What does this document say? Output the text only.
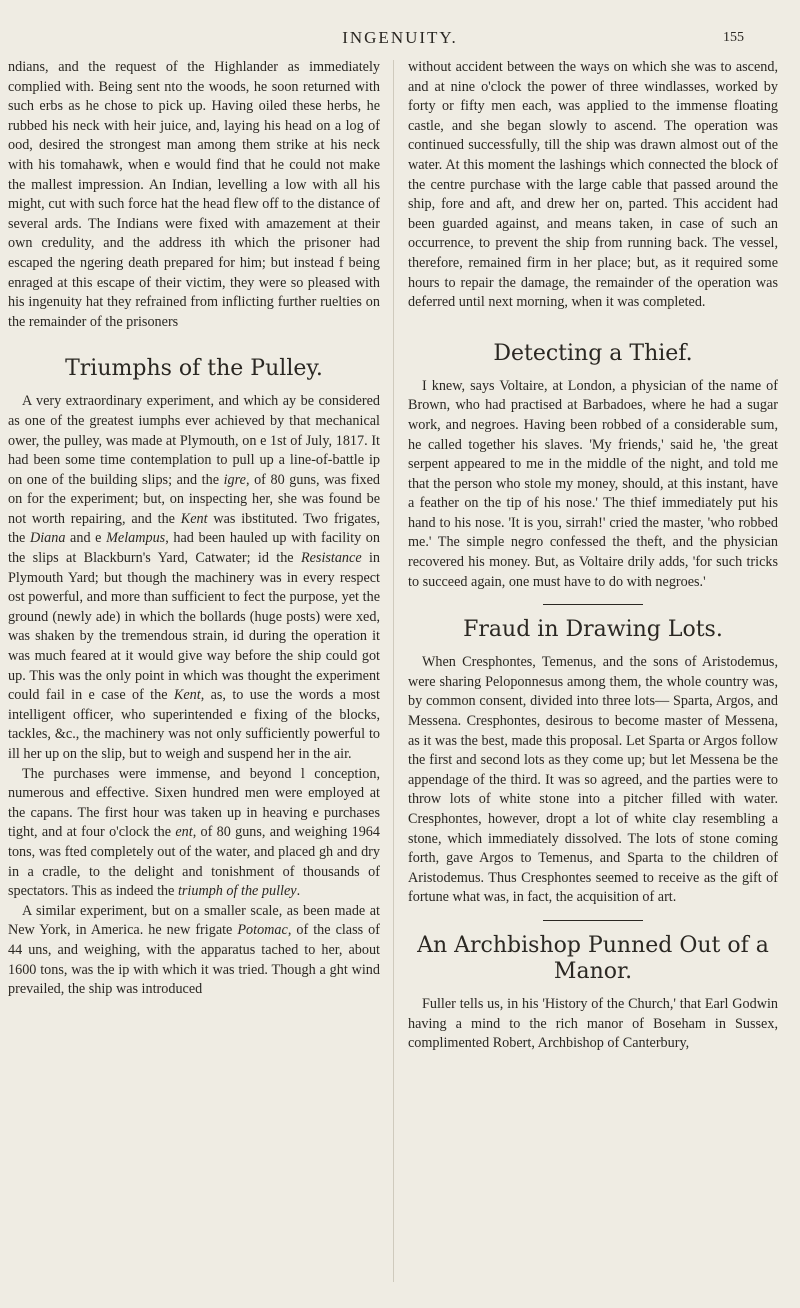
INGENUITY.	155

ndians, and the request of the Highlander as immediately complied with. Being sent nto the woods, he soon returned with such erbs as he chose to pick up. Having oiled these herbs, he rubbed his neck with heir juice, and, laying his head on a log of ood, desired the strongest man among them strike at his neck with his tomahawk, when e would find that he could not make the mallest impression. An Indian, levelling a low with all his might, cut with such force hat the head flew off to the distance of several ards. The Indians were fixed with amazement at their own credulity, and the address ith which the prisoner had escaped the ngering death prepared for him; but instead f being enraged at this escape of their victim, they were so pleased with his ingenuity hat they refrained from inflicting further ruelties on the remainder of the prisoners

Triumphs of the Pulley.

A very extraordinary experiment, and which ay be considered as one of the greatest iumphs ever achieved by that mechanical ower, the pulley, was made at Plymouth, on e 1st of July, 1817. It had been some time contemplation to pull up a line-of-battle ip on one of the building slips; and the igre, of 80 guns, was fixed on for the experiment; but, on inspecting her, she was found be not worth repairing, and the Kent was ibstituted. Two frigates, the Diana and e Melampus, had been hauled up with facility on the slips at Blackburn's Yard, Catwater; id the Resistance in Plymouth Yard; but though the machinery was in every respect ost powerful, and more than sufficient to fect the purpose, yet the ground (newly ade) in which the bollards (huge posts) were xed, was shaken by the tremendous strain, id during the operation it was much feared at it would give way before the ship could got up. This was the only point in which was thought the experiment could fail in e case of the Kent, as, to use the words a most intelligent officer, who superintended e fixing of the blocks, tackles, &c., the machinery was not only sufficiently powerful to ill her up on the slip, but to weigh and suspend her in the air.

The purchases were immense, and beyond l conception, numerous and effective. Sixen hundred men were employed at the capans. The first hour was taken up in heaving e purchases tight, and at four o'clock the ent, of 80 guns, and weighing 1964 tons, was fted completely out of the water, and placed gh and dry in a cradle, to the delight and tonishment of thousands of spectators. This as indeed the triumph of the pulley.

A similar experiment, but on a smaller scale, as been made at New York, in America. he new frigate Potomac, of the class of 44 uns, and weighing, with the apparatus tached to her, about 1600 tons, was the ip with which it was tried. Though a ght wind prevailed, the ship was introduced

without accident between the ways on which she was to ascend, and at nine o'clock the power of three windlasses, worked by forty or fifty men each, was applied to the immense floating castle, and she began slowly to ascend. The operation was continued successfully, till the ship was drawn almost out of the water. At this moment the lashings which connected the block of the centre purchase with the large cable that passed around the ship, fore and aft, and drew her on, parted. This accident had been guarded against, and means taken, in case of such an occurrence, to prevent the ship from running back. The vessel, therefore, remained firm in her place; but, as it required some hours to repair the damage, the remainder of the operation was deferred until next morning, when it was completed.

Detecting a Thief.

I knew, says Voltaire, at London, a physician of the name of Brown, who had practised at Barbadoes, where he had a sugar work, and negroes. Having been robbed of a considerable sum, he called together his slaves. 'My friends,' said he, 'the great serpent appeared to me in the middle of the night, and told me that the person who stole my money, should, at this instant, have a feather on the tip of his nose.' The thief immediately put his hand to his nose. 'It is you, sirrah!' cried the master, 'who robbed me.' The simple negro confessed the theft, and the physician recovered his money. But, as Voltaire drily adds, 'for such tricks to succeed again, one must have to do with negroes.'

Fraud in Drawing Lots.

When Cresphontes, Temenus, and the sons of Aristodemus, were sharing Peloponnesus among them, the whole country was, by common consent, divided into three lots— Sparta, Argos, and Messena. Cresphontes, desirous to become master of Messena, as it was the best, made this proposal. Let Sparta or Argos follow the first and second lots as they come up; but let Messena be the appendage of the third. It was so agreed, and the parties were to throw lots of white stone into a pitcher filled with water. Cresphontes, however, dropt a lot of white clay resembling a stone, which immediately dissolved. The lots of stone coming forth, gave Argos to Temenus, and Sparta to the children of Aristodemus. Thus Cresphontes seemed to receive as the gift of fortune what was, in fact, the acquisition of art.

An Archbishop Punned Out of a Manor.

Fuller tells us, in his 'History of the Church,' that Earl Godwin having a mind to the rich manor of Boseham in Sussex, complimented Robert, Archbishop of Canterbury,
